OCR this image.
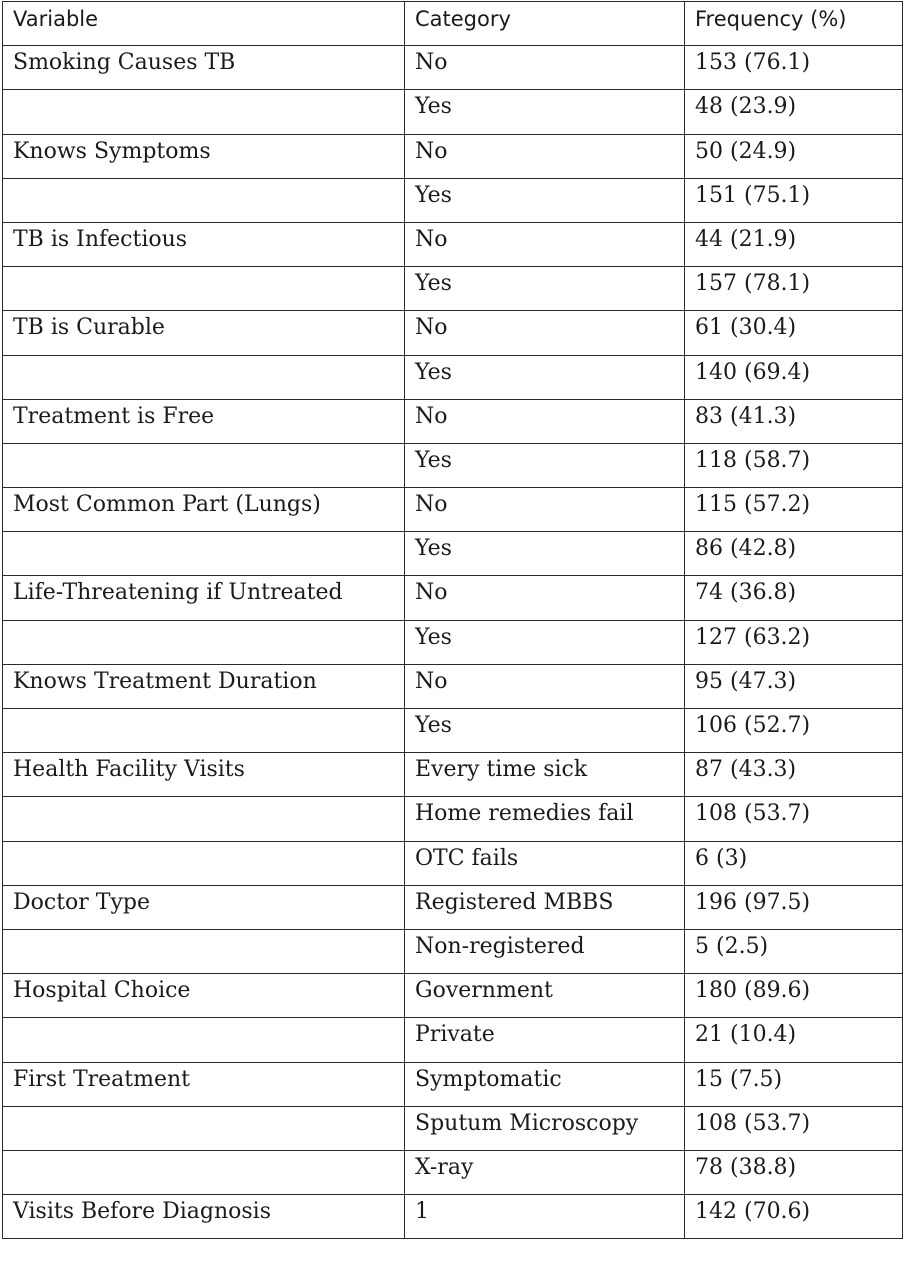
Variable	Category	Frequency (%)
Smoking Causes TB	No	153 (76.1)
	Yes	48 (23.9)
Knows Symptoms	No	50 (24.9)
	Yes	151 (75.1)
TB is Infectious	No	44 (21.9)
	Yes	157 (78.1)
TB is Curable	No	61 (30.4)
	Yes	140 (69.4)
Treatment is Free	No	83 (41.3)
	Yes	118 (58.7)
Most Common Part (Lungs)	No	115 (57.2)
	Yes	86 (42.8)
Life-Threatening if Untreated	No	74 (36.8)
	Yes	127 (63.2)
Knows Treatment Duration	No	95 (47.3)
	Yes	106 (52.7)
Health Facility Visits	Every time sick	87 (43.3)
	Home remedies fail	108 (53.7)
	OTC fails	6 (3)
Doctor Type	Registered MBBS	196 (97.5)
	Non-registered	5 (2.5)
Hospital Choice	Government	180 (89.6)
	Private	21 (10.4)
First Treatment	Symptomatic	15 (7.5)
	Sputum Microscopy	108 (53.7)
	X-ray	78 (38.8)
Visits Before Diagnosis	1	142 (70.6)
